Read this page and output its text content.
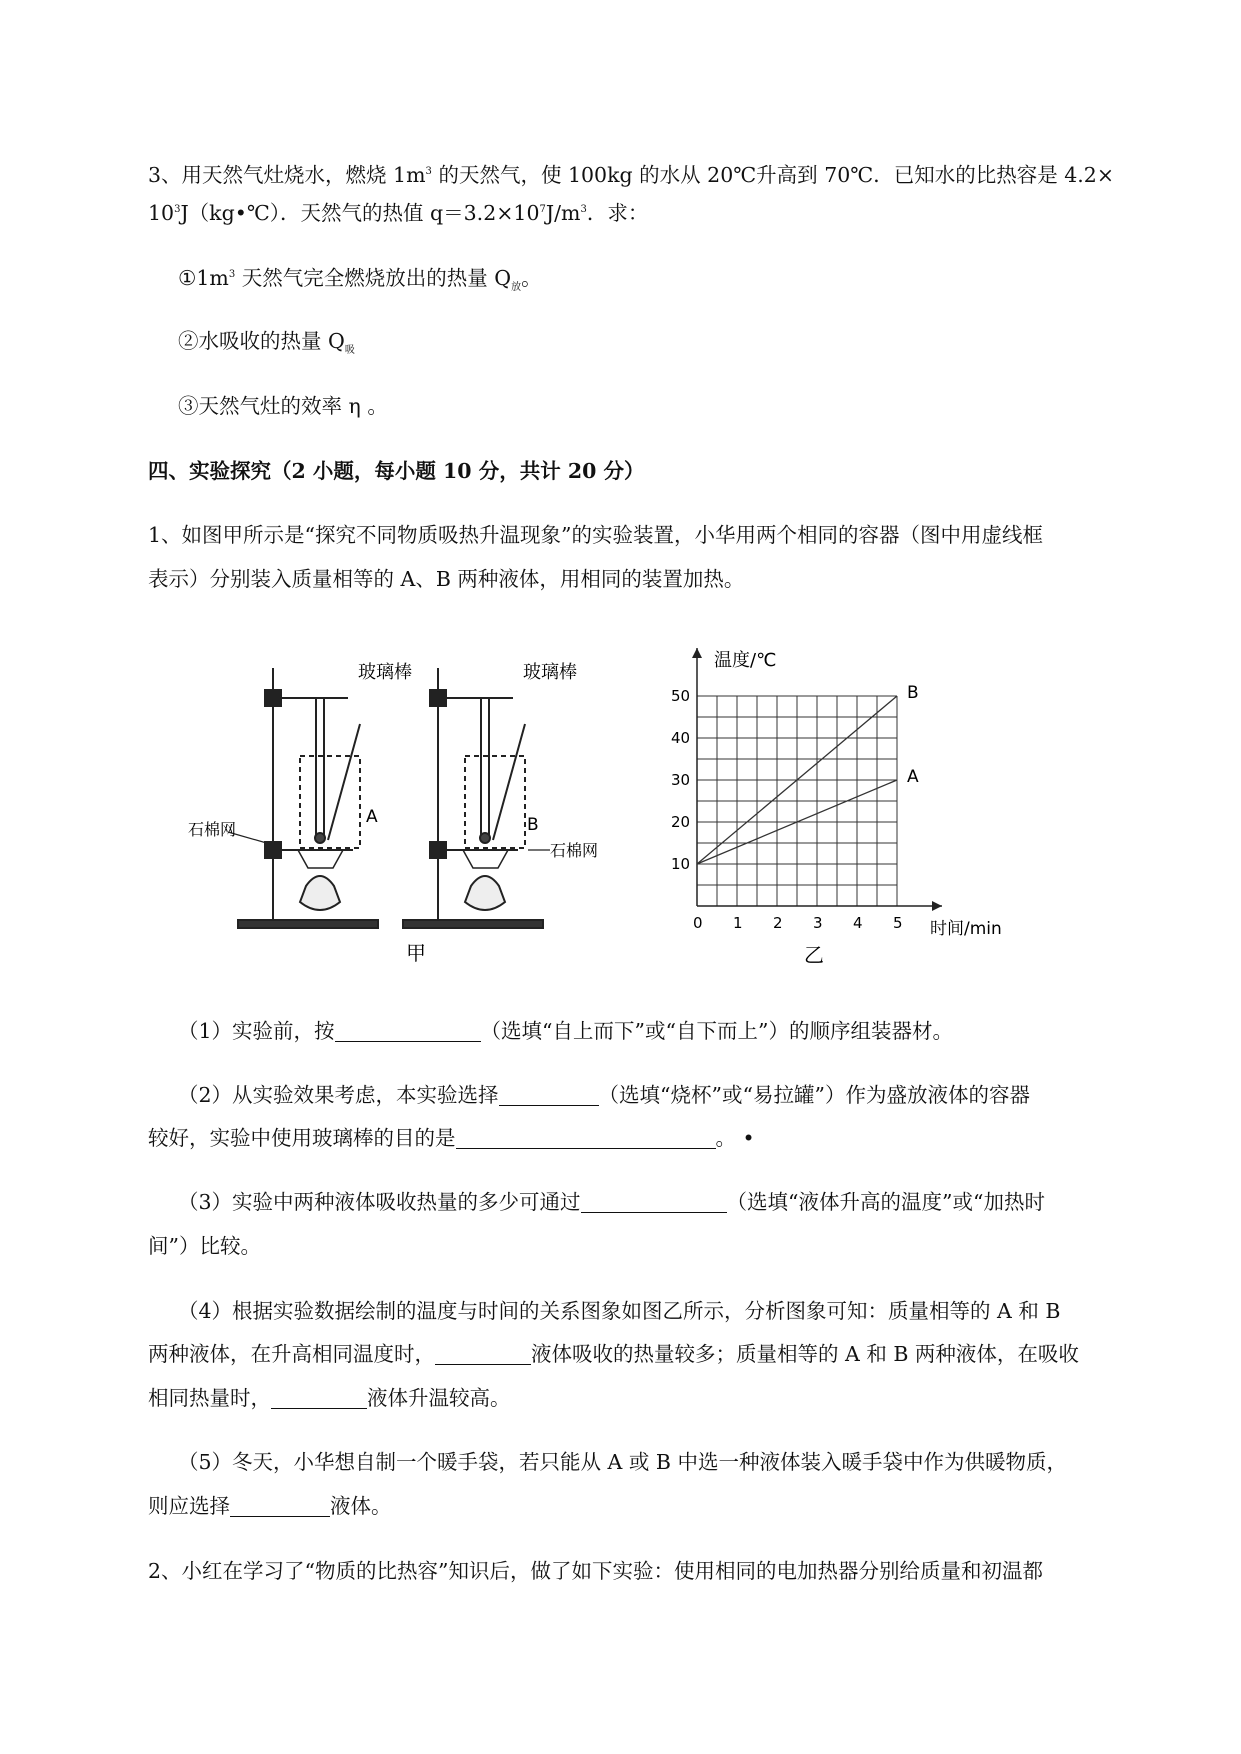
3、用天然气灶烧水，燃烧 $1m^3$ 的天然气，使 100kg 的水从 20℃升高到 70℃．已知水的比热容是 4.2×
$10^3J(kg•℃)$．天然气的热值 $q=3.2\times 10^7J/m^3$．求：
$①1m^3$ 天然气完全燃烧放出的热量 $Q_放$。
②水吸收的热量 $Q_吸$
③天然气灶的效率 η 。
四、实验探究（2 小题，每小题 10 分，共计 20 分）
1、如图甲所示是“探究不同物质吸热升温现象”的实验装置，小华用两个相同的容器（图中用虚线框
表示）分别装入质量相等的 A、B 两种液体，用相同的装置加热。
玻璃棒	玻璃棒
石棉网
石棉网
A	B
甲
A
B
0 1 2 3 4 5
10
20
30
40
50
温度/℃
时间/min
乙
（1）实验前，按	（选填“自上而下”或“自下而上”）的顺序组装器材。
（2）从实验效果考虑，本实验选择	（选填“烧杯”或“易拉罐”）作为盛放液体的容器
较好，实验中使用玻璃棒的目的是	。 •
（3）实验中两种液体吸收热量的多少可通过	（选填“液体升高的温度”或“加热时
间”）比较。
（4）根据实验数据绘制的温度与时间的关系图象如图乙所示，分析图象可知：质量相等的 A 和 B
两种液体，在升高相同温度时，	液体吸收的热量较多；质量相等的 A 和 B 两种液体，在吸收
相同热量时，	液体升温较高。
（5）冬天，小华想自制一个暖手袋，若只能从 A 或 B 中选一种液体装入暖手袋中作为供暖物质，
则应选择	液体。
2、小红在学习了“物质的比热容”知识后，做了如下实验：使用相同的电加热器分别给质量和初温都
